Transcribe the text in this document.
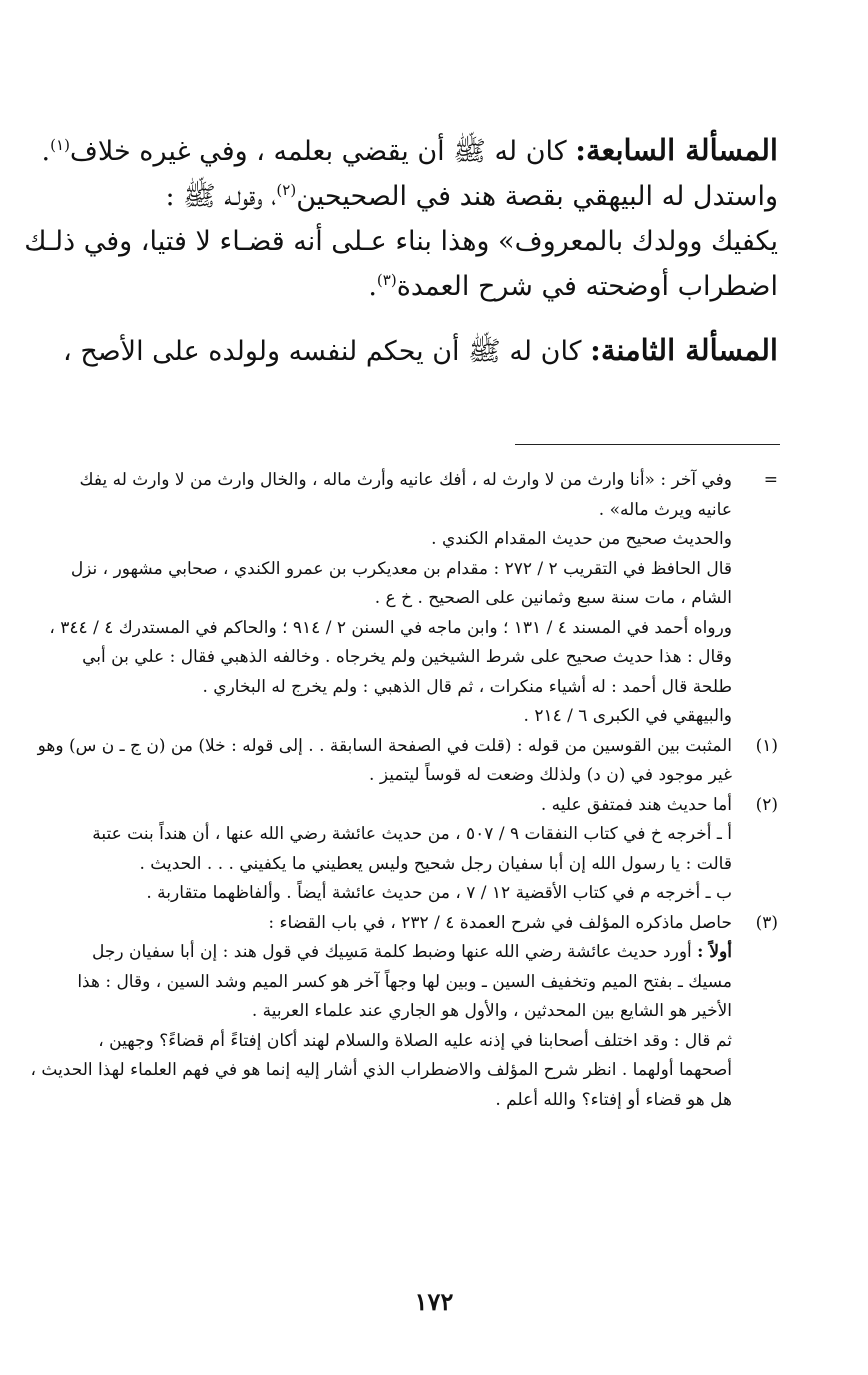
المسألة السابعة: كان له ﷺ أن يقضي بعلمه ، وفي غيره خلاف$^{(١)}$.
واستدل له البيهقي بقصة هند في الصحيحين$^{(٢)}$، وقولـه ﷺ :
يكفيك وولدك بالمعروف» وهذا بناء عـلى أنه قضـاء لا فتيا، وفي ذلـك
اضطراب أوضحته في شرح العمدة$^{(٣)}$.

المسألة الثامنة: كان له ﷺ أن يحكم لنفسه ولولده على الأصح ،

=
وفي آخر : «أنا وارث من لا وارث له ، أفك عانيه وأرث ماله ، والخال وارث من لا وارث له يفك
عانيه ويرث ماله» .
والحديث صحيح من حديث المقدام الكندي .
قال الحافظ في التقريب ٢ / ٢٧٢ : مقدام بن معديكرب بن عمرو الكندي ، صحابي مشهور ، نزل
الشام ، مات سنة سبع وثمانين على الصحيح . خ ع .
ورواه أحمد في المسند ٤ / ١٣١ ؛ وابن ماجه في السنن ٢ / ٩١٤ ؛ والحاكم في المستدرك ٤ / ٣٤٤ ،
وقال : هذا حديث صحيح على شرط الشيخين ولم يخرجاه . وخالفه الذهبي فقال : علي بن أبي
طلحة قال أحمد : له أشياء منكرات ، ثم قال الذهبي : ولم يخرج له البخاري .
والبيهقي في الكبرى ٦ / ٢١٤ .
(١)
المثبت بين القوسين من قوله : (قلت في الصفحة السابقة . . إلى قوله : خلا) من (ن ج ـ ن س) وهو
غير موجود في (ن د) ولذلك وضعت له قوساً ليتميز .
(٢)
أما حديث هند فمتفق عليه .
أ ـ أخرجه خ في كتاب النفقات ٩ / ٥٠٧ ، من حديث عائشة رضي الله عنها ، أن هنداً بنت عتبة
قالت : يا رسول الله إن أبا سفيان رجل شحيح وليس يعطيني ما يكفيني . . . الحديث .
ب ـ أخرجه م في كتاب الأقضية ١٢ / ٧ ، من حديث عائشة أيضاً . وألفاظهما متقاربة .
(٣)
حاصل ماذكره المؤلف في شرح العمدة ٤ / ٢٣٢ ، في باب القضاء :
أولاً : أورد حديث عائشة رضي الله عنها وضبط كلمة مَسِيك في قول هند : إن أبا سفيان رجل
مسيك ـ بفتح الميم وتخفيف السين ـ وبين لها وجهاً آخر هو كسر الميم وشد السين ، وقال : هذا
الأخير هو الشايع بين المحدثين ، والأول هو الجاري عند علماء العربية .
ثم قال : وقد اختلف أصحابنا في إذنه عليه الصلاة والسلام لهند أكان إفتاءً أم قضاءً؟ وجهين ،
أصحهما أولهما . انظر شرح المؤلف والاضطراب الذي أشار إليه إنما هو في فهم العلماء لهذا الحديث ،
هل هو قضاء أو إفتاء؟ والله أعلم .
١٧٢
